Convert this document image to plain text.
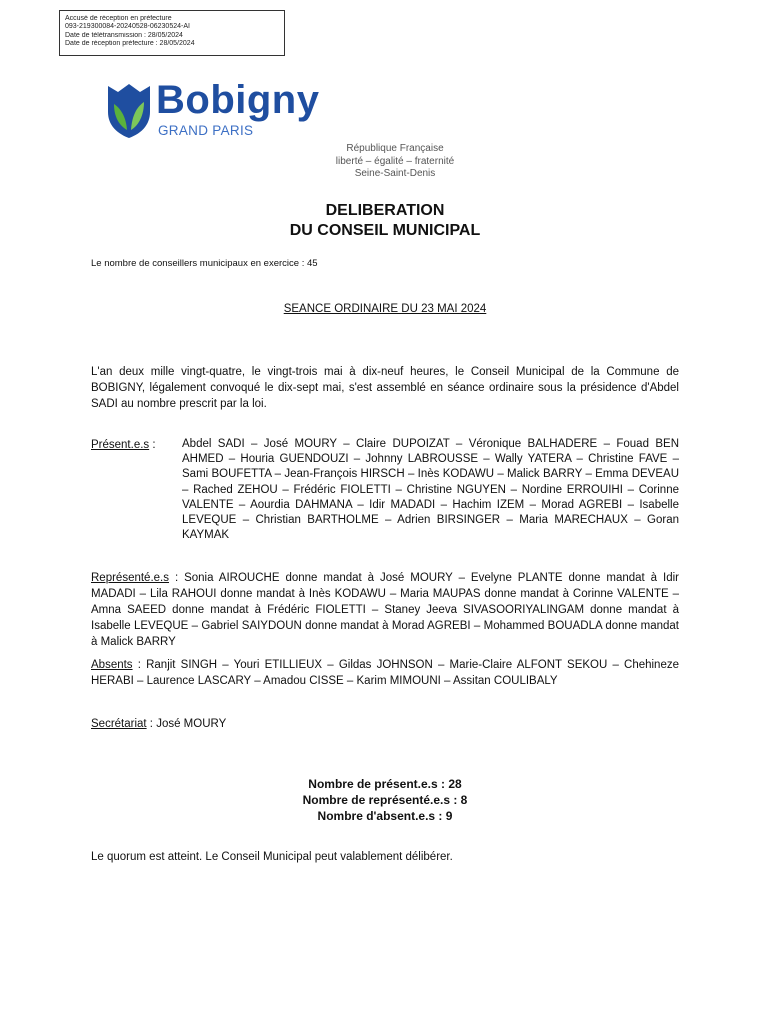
Accusé de réception en préfecture
093-219300084-20240528-06230524-AI
Date de télétransmission : 28/05/2024
Date de réception préfecture : 28/05/2024
Bobigny
GRAND PARIS
République Française
liberté – égalité – fraternité
Seine-Saint-Denis
DELIBERATION
DU CONSEIL MUNICIPAL
Le nombre de conseillers municipaux en exercice : 45
SEANCE ORDINAIRE DU 23 MAI 2024
L'an deux mille vingt-quatre, le vingt-trois mai à dix-neuf heures, le Conseil Municipal de la Commune de BOBIGNY, légalement convoqué le dix-sept mai, s'est assemblé en séance ordinaire sous la présidence d'Abdel SADI au nombre prescrit par la loi.
Présent.e.s : Abdel SADI – José MOURY – Claire DUPOIZAT – Véronique BALHADERE – Fouad BEN AHMED – Houria GUENDOUZI – Johnny LABROUSSE – Wally YATERA – Christine FAVE – Sami BOUFETTA – Jean-François HIRSCH – Inès KODAWU – Malick BARRY – Emma DEVEAU – Rached ZEHOU – Frédéric FIOLETTI – Christine NGUYEN – Nordine ERROUIHI – Corinne VALENTE – Aourdia DAHMANA – Idir MADADI – Hachim IZEM – Morad AGREBI – Isabelle LEVEQUE – Christian BARTHOLME – Adrien BIRSINGER – Maria MARECHAUX – Goran KAYMAK
Représenté.e.s : Sonia AIROUCHE donne mandat à José MOURY – Evelyne PLANTE donne mandat à Idir MADADI – Lila RAHOUI donne mandat à Inès KODAWU – Maria MAUPAS donne mandat à Corinne VALENTE – Amna SAEED donne mandat à Frédéric FIOLETTI – Staney Jeeva SIVASOORIYALINGAM donne mandat à Isabelle LEVEQUE – Gabriel SAIYDOUN donne mandat à Morad AGREBI – Mohammed BOUADLA donne mandat à Malick BARRY
Absents : Ranjit SINGH – Youri ETILLIEUX – Gildas JOHNSON – Marie-Claire ALFONT SEKOU – Chehineze HERABI – Laurence LASCARY – Amadou CISSE – Karim MIMOUNI – Assitan COULIBALY
Secrétariat : José MOURY
Nombre de présent.e.s : 28
Nombre de représenté.e.s : 8
Nombre d'absent.e.s : 9
Le quorum est atteint. Le Conseil Municipal peut valablement délibérer.
